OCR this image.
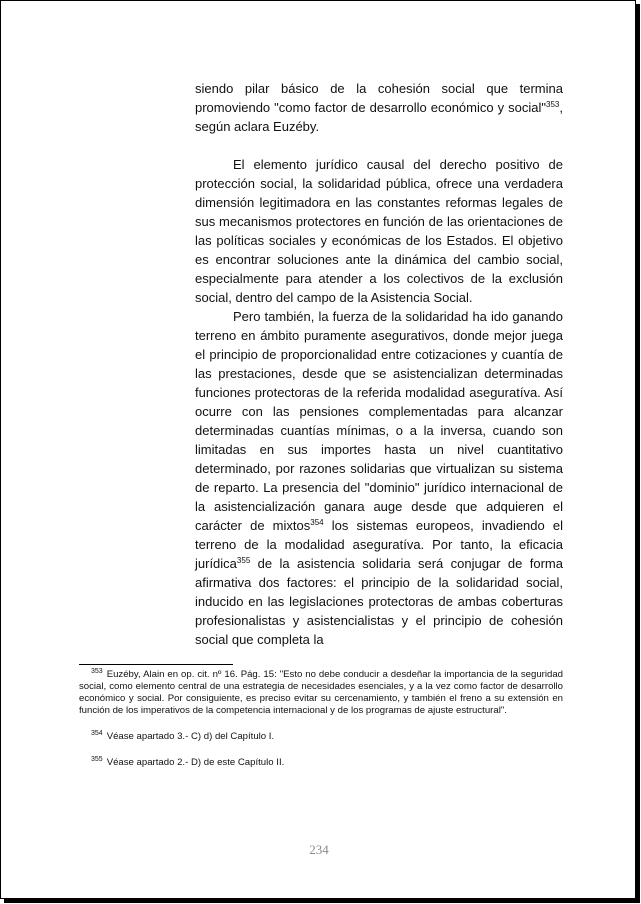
siendo pilar básico de la cohesión social que termina promoviendo "como factor de desarrollo económico y social"$^{353}$, según aclara Euzéby.

El elemento jurídico causal del derecho positivo de protección social, la solidaridad pública, ofrece una verdadera dimensión legitimadora en las constantes reformas legales de sus mecanismos protectores en función de las orientaciones de las políticas sociales y económicas de los Estados. El objetivo es encontrar soluciones ante la dinámica del cambio social, especialmente para atender a los colectivos de la exclusión social, dentro del campo de la Asistencia Social.

Pero también, la fuerza de la solidaridad ha ido ganando terreno en ámbito puramente asegurativos, donde mejor juega el principio de proporcionalidad entre cotizaciones y cuantía de las prestaciones, desde que se asistencializan determinadas funciones protectoras de la referida modalidad aseguratíva. Así ocurre con las pensiones complementadas para alcanzar determinadas cuantías mínimas, o a la inversa, cuando son limitadas en sus importes hasta un nivel cuantitativo determinado, por razones solidarias que virtualizan su sistema de reparto. La presencia del "dominio" jurídico internacional de la asistencialización ganara auge desde que adquieren el carácter de mixtos$^{354}$ los sistemas europeos, invadiendo el terreno de la modalidad aseguratíva. Por tanto, la eficacia jurídica$^{355}$ de la asistencia solidaria será conjugar de forma afirmativa dos factores: el principio de la solidaridad social, inducido en las legislaciones protectoras de ambas coberturas profesionalistas y asistencialistas y el principio de cohesión social que completa la

$^{353}$ Euzéby, Alain en op. cit. nº 16. Pág. 15: "Esto no debe conducir a desdeñar la importancia de la seguridad social, como elemento central de una estrategia de necesidades esenciales, y a la vez como factor de desarrollo económico y social. Por consiguiente, es preciso evitar su cercenamiento, y también el freno a su extensión en función de los imperativos de la competencia internacional y de los programas de ajuste estructural".

$^{354}$ Véase apartado 3.- C) d) del Capítulo I.

$^{355}$ Véase apartado 2.- D) de este Capítulo II.

234
